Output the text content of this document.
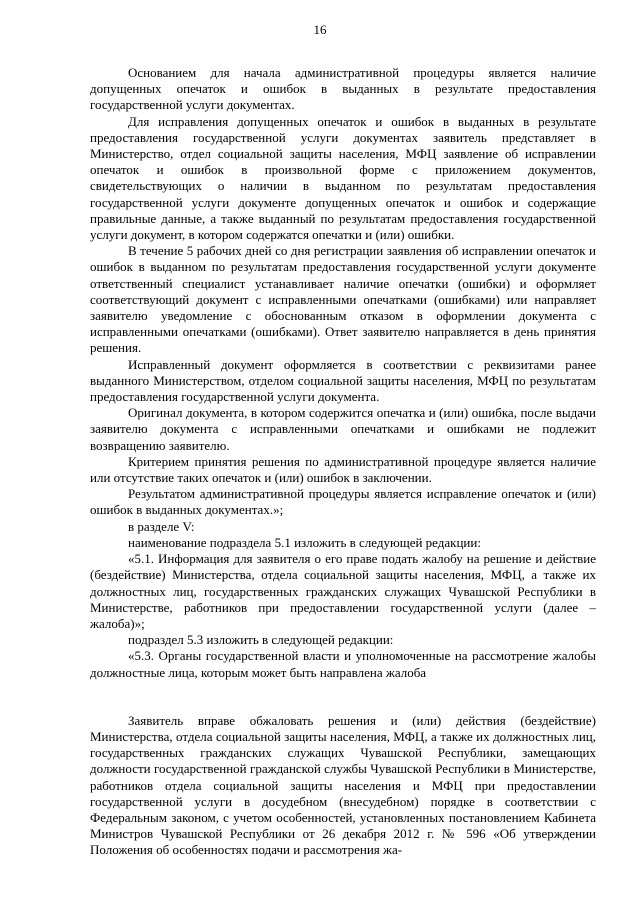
16

Основанием для начала административной процедуры является наличие допущенных опечаток и ошибок в выданных в результате предоставления государственной услуги документах.

Для исправления допущенных опечаток и ошибок в выданных в результате предоставления государственной услуги документах заявитель представляет в Министерство, отдел социальной защиты населения, МФЦ заявление об исправлении опечаток и ошибок в произвольной форме с приложением документов, свидетельствующих о наличии в выданном по результатам предоставления государственной услуги документе допущенных опечаток и ошибок и содержащие правильные данные, а также выданный по результатам предоставления государственной услуги документ, в котором содержатся опечатки и (или) ошибки.

В течение 5 рабочих дней со дня регистрации заявления об исправлении опечаток и ошибок в выданном по результатам предоставления государственной услуги документе ответственный специалист устанавливает наличие опечатки (ошибки) и оформляет соответствующий документ с исправленными опечатками (ошибками) или направляет заявителю уведомление с обоснованным отказом в оформлении документа с исправленными опечатками (ошибками). Ответ заявителю направляется в день принятия решения.

Исправленный документ оформляется в соответствии с реквизитами ранее выданного Министерством, отделом социальной защиты населения, МФЦ по результатам предоставления государственной услуги документа.

Оригинал документа, в котором содержится опечатка и (или) ошибка, после выдачи заявителю документа с исправленными опечатками и ошибками не подлежит возвращению заявителю.

Критерием принятия решения по административной процедуре является наличие или отсутствие таких опечаток и (или) ошибок в заключении.

Результатом административной процедуры является исправление опечаток и (или) ошибок в выданных документах.»;

в разделе V:

наименование подраздела 5.1 изложить в следующей редакции:

«5.1. Информация для заявителя о его праве подать жалобу на решение и действие (бездействие) Министерства, отдела социальной защиты населения, МФЦ, а также их должностных лиц, государственных гражданских служащих Чувашской Республики в Министерстве, работников при предоставлении государственной услуги (далее – жалоба)»;

подраздел 5.3 изложить в следующей редакции:

«5.3. Органы государственной власти и уполномоченные на рассмотрение жалобы должностные лица, которым может быть направлена жалоба

Заявитель вправе обжаловать решения и (или) действия (бездействие) Министерства, отдела социальной защиты населения, МФЦ, а также их должностных лиц, государственных гражданских служащих Чувашской Республики, замещающих должности государственной гражданской службы Чувашской Республики в Министерстве, работников отдела социальной защиты населения и МФЦ при предоставлении государственной услуги в досудебном (внесудебном) порядке в соответствии с Федеральным законом, с учетом особенностей, установленных постановлением Кабинета Министров Чувашской Республики от 26 декабря 2012 г. № 596 «Об утверждении Положения об особенностях подачи и рассмотрения жа-
